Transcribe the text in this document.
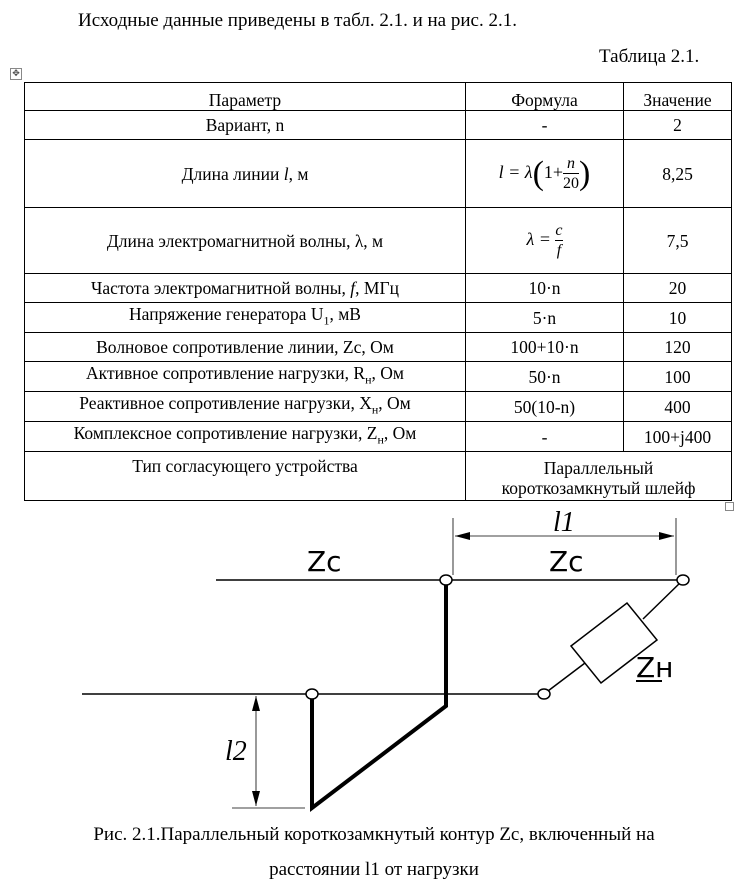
Исходные данные приведены в табл. 2.1. и на рис. 2.1.
Таблица 2.1.
✥
Параметр	Формула	Значение
Вариант, n	-	2
Длина линии l, м	$l = \lambda(1+ \frac{n}{20}$ )	8,25
Длина электромагнитной волны, λ, м	$\lambda = \frac{c}{f}$	7,5
Частота электромагнитной волны, f, МГц	10·n	20
Напряжение генератора $U_1$, мВ	5·n	10
Волновое сопротивление линии, Zc, Ом	100+10·n	120
Активное сопротивление нагрузки, $R_н$, Ом	50·n	100
Реактивное сопротивление нагрузки, $X_н$, Ом	50(10-n)	400
Комплексное сопротивление нагрузки, $Z_н$, Ом	-	100+j400
Тип согласующего устройства	Параллельный короткозамкнутый шлейф	
Zc	Zc
Zн
l1
l2
Рис. 2.1.Параллельный короткозамкнутый контур Zc, включенный на
расстоянии l1 от нагрузки
